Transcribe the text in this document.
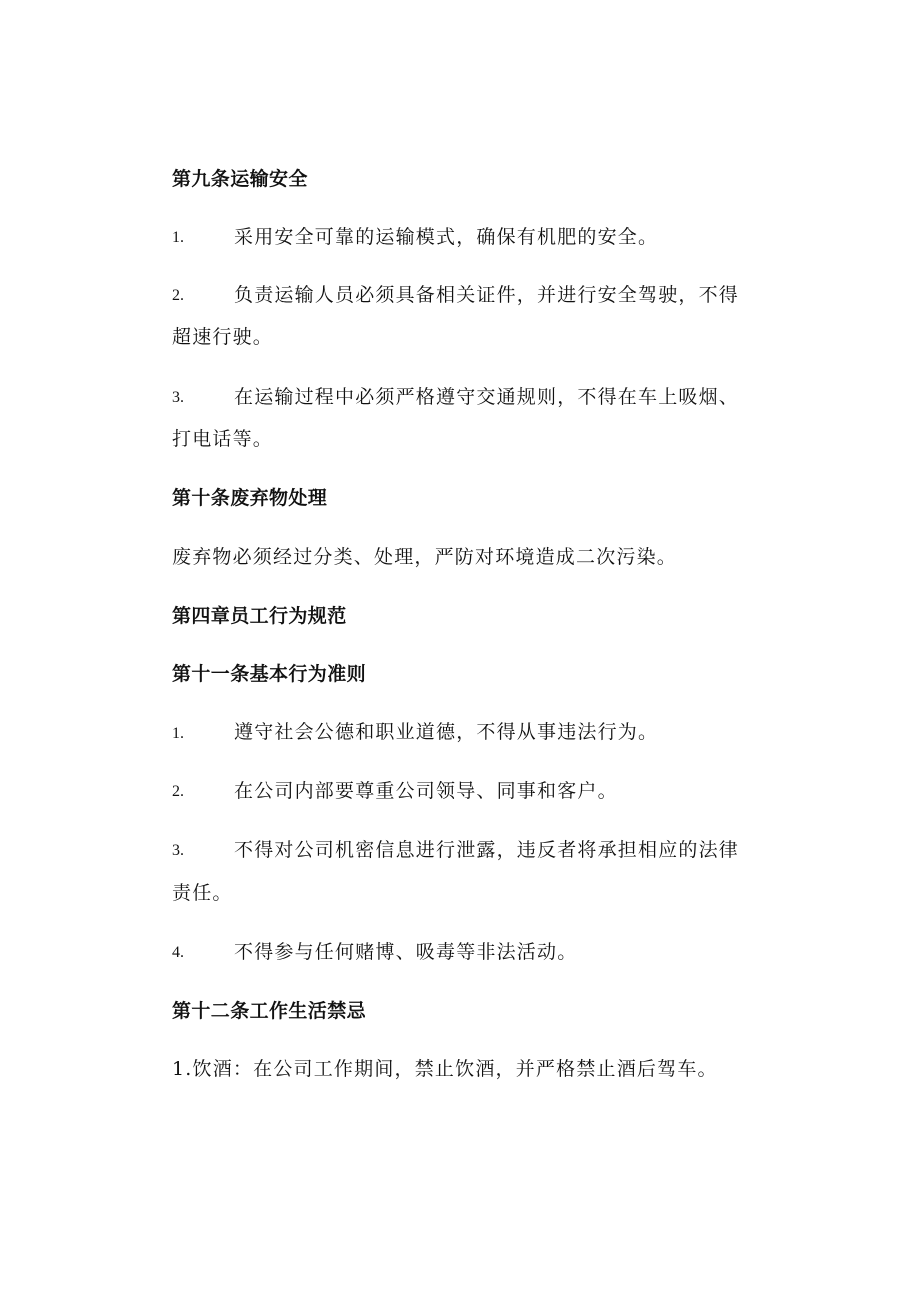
第九条运输安全
1.	采用安全可靠的运输模式，确保有机肥的安全。
2.	负责运输人员必须具备相关证件，并进行安全驾驶，不得
超速行驶。
3.	在运输过程中必须严格遵守交通规则，不得在车上吸烟、
打电话等。
第十条废弃物处理
废弃物必须经过分类、处理，严防对环境造成二次污染。
第四章员工行为规范
第十一条基本行为准则
1.	遵守社会公德和职业道德，不得从事违法行为。
2.	在公司内部要尊重公司领导、同事和客户。
3.	不得对公司机密信息进行泄露，违反者将承担相应的法律
责任。
4.	不得参与任何赌博、吸毒等非法活动。
第十二条工作生活禁忌
1.饮酒：在公司工作期间，禁止饮酒，并严格禁止酒后驾车。
